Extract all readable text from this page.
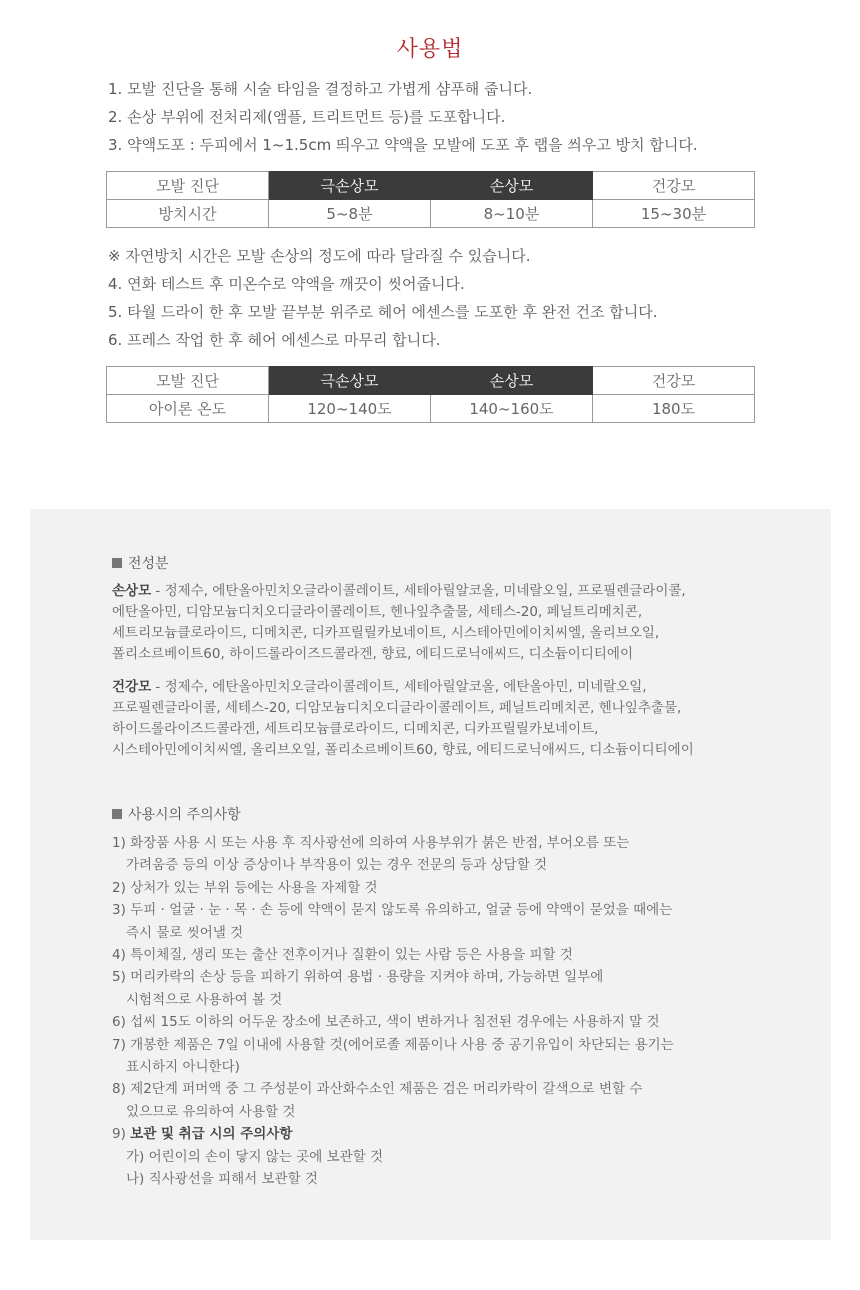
사용법

1. 모발 진단을 통해 시술 타임을 결정하고 가볍게 샴푸해 줍니다.

2. 손상 부위에 전처리제(앰플, 트리트먼트 등)를 도포합니다.

3. 약액도포 : 두피에서 1~1.5cm 띄우고 약액을 모발에 도포 후 랩을 씌우고 방치 합니다.

모발 진단	극손상모	손상모	건강모
방치시간	5~8분	8~10분	15~30분

※ 자연방치 시간은 모발 손상의 정도에 따라 달라질 수 있습니다.

4. 연화 테스트 후 미온수로 약액을 깨끗이 씻어줍니다.

5. 타월 드라이 한 후 모발 끝부분 위주로 헤어 에센스를 도포한 후 완전 건조 합니다.

6. 프레스 작업 한 후 헤어 에센스로 마무리 합니다.

모발 진단	극손상모	손상모	건강모
아이론 온도	120~140도	140~160도	180도
전성분
손상모 - 정제수, 에탄올아민치오글라이콜레이트, 세테아릴알코올, 미네랄오일, 프로필렌글라이콜,
에탄올아민, 디암모늄디치오디글라이콜레이트, 헨나잎추출물, 세테스-20, 페닐트리메치콘,
세트리모늄클로라이드, 디메치콘, 디카프릴릴카보네이트, 시스테아민에이치씨엘, 올리브오일,
폴리소르베이트60, 하이드롤라이즈드콜라겐, 향료, 에티드로닉애씨드, 디소듐이디티에이
건강모 - 정제수, 에탄올아민치오글라이콜레이트, 세테아릴알코올, 에탄올아민, 미네랄오일,
프로필렌글라이콜, 세테스-20, 디암모늄디치오디글라이콜레이트, 페닐트리메치콘, 헨나잎추출물,
하이드롤라이즈드콜라겐, 세트리모늄클로라이드, 디메치콘, 디카프릴릴카보네이트,
시스테아민에이치씨엘, 올리브오일, 폴리소르베이트60, 향료, 에티드로닉애씨드, 디소듐이디티에이
사용시의 주의사항

1) 화장품 사용 시 또는 사용 후 직사광선에 의하여 사용부위가 붉은 반점, 부어오름 또는

가려움증 등의 이상 증상이나 부작용이 있는 경우 전문의 등과 상담할 것

2) 상처가 있는 부위 등에는 사용을 자제할 것

3) 두피 · 얼굴 · 눈 · 목 · 손 등에 약액이 묻지 않도록 유의하고, 얼굴 등에 약액이 묻었을 때에는

즉시 물로 씻어낼 것

4) 특이체질, 생리 또는 출산 전후이거나 질환이 있는 사람 등은 사용을 피할 것

5) 머리카락의 손상 등을 피하기 위하여 용법 · 용량을 지켜야 하며, 가능하면 일부에

시험적으로 사용하여 볼 것

6) 섭씨 15도 이하의 어두운 장소에 보존하고, 색이 변하거나 침전된 경우에는 사용하지 말 것

7) 개봉한 제품은 7일 이내에 사용할 것(에어로졸 제품이나 사용 중 공기유입이 차단되는 용기는

표시하지 아니한다)

8) 제2단계 퍼머액 중 그 주성분이 과산화수소인 제품은 검은 머리카락이 갈색으로 변할 수

있으므로 유의하여 사용할 것

9) 보관 및 취급 시의 주의사항

가) 어린이의 손이 닿지 않는 곳에 보관할 것

나) 직사광선을 피해서 보관할 것
